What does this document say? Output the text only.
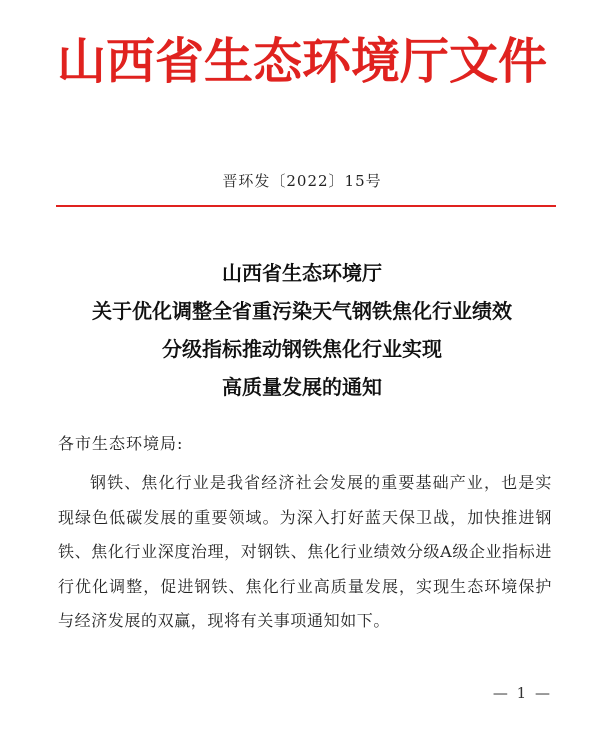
山西省生态环境厅文件
晋环发〔2022〕15号
山西省生态环境厅
关于优化调整全省重污染天气钢铁焦化行业绩效
分级指标推动钢铁焦化行业实现
高质量发展的通知
各市生态环境局:
钢铁、焦化行业是我省经济社会发展的重要基础产业，也是实现绿色低碳发展的重要领域。为深入打好蓝天保卫战，加快推进钢铁、焦化行业深度治理，对钢铁、焦化行业绩效分级A级企业指标进行优化调整，促进钢铁、焦化行业高质量发展，实现生态环境保护与经济发展的双赢，现将有关事项通知如下。
— 1 —
